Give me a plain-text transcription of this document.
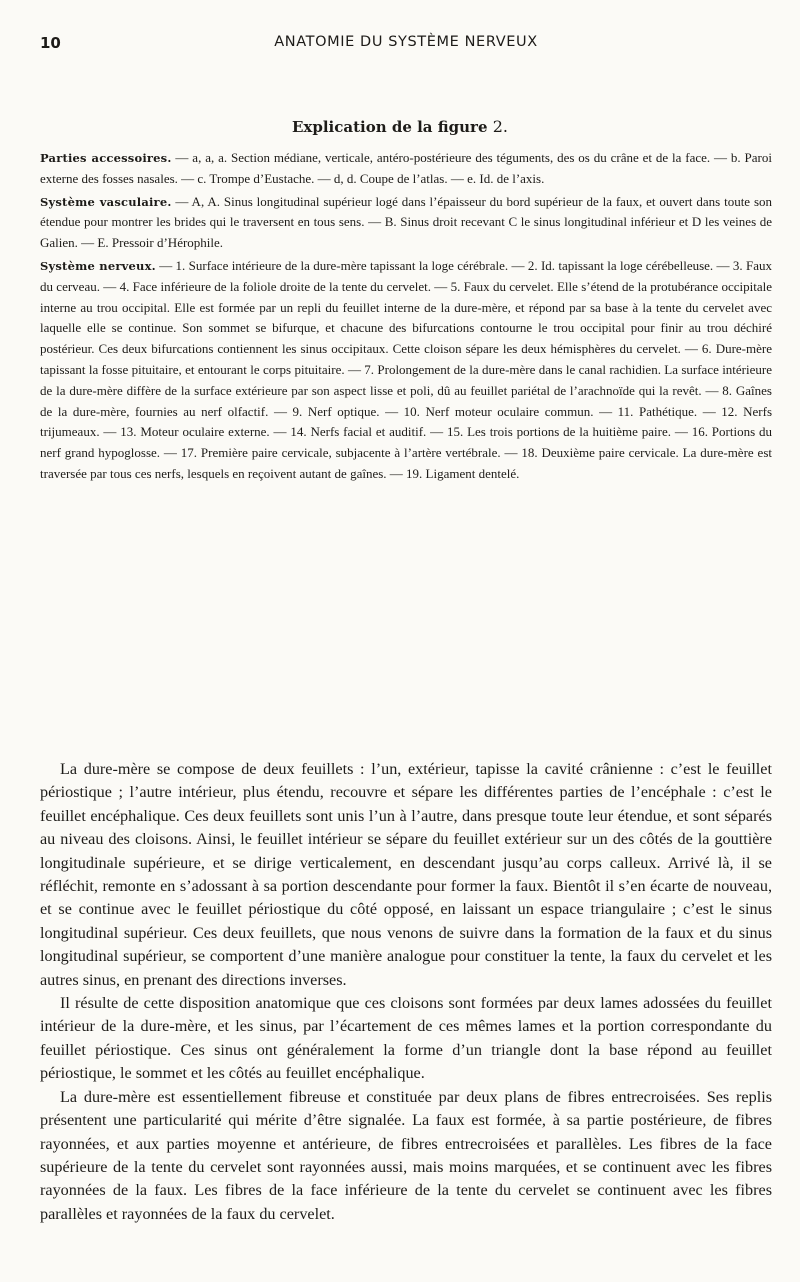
10	ANATOMIE DU SYSTÈME NERVEUX
Explication de la figure 2.

Parties accessoires. — a, a, a. Section médiane, verticale, antéro-postérieure des téguments, des os du crâne et de la face. — b. Paroi externe des fosses nasales. — c. Trompe d’Eustache. — d, d. Coupe de l’atlas. — e. Id. de l’axis.

Système vasculaire. — A, A. Sinus longitudinal supérieur logé dans l’épaisseur du bord supérieur de la faux, et ouvert dans toute son étendue pour montrer les brides qui le traversent en tous sens. — B. Sinus droit recevant C le sinus longitudinal inférieur et D les veines de Galien. — E. Pressoir d’Hérophile.

Système nerveux. — 1. Surface intérieure de la dure-mère tapissant la loge cérébrale. — 2. Id. tapissant la loge cérébelleuse. — 3. Faux du cerveau. — 4. Face inférieure de la foliole droite de la tente du cervelet. — 5. Faux du cervelet. Elle s’étend de la protubérance occipitale interne au trou occipital. Elle est formée par un repli du feuillet interne de la dure-mère, et répond par sa base à la tente du cervelet avec laquelle elle se continue. Son sommet se bifurque, et chacune des bifurcations contourne le trou occipital pour finir au trou déchiré postérieur. Ces deux bifurcations contiennent les sinus occipitaux. Cette cloison sépare les deux hémisphères du cervelet. — 6. Dure-mère tapissant la fosse pituitaire, et entourant le corps pituitaire. — 7. Prolongement de la dure-mère dans le canal rachidien. La surface intérieure de la dure-mère diffère de la surface extérieure par son aspect lisse et poli, dû au feuillet pariétal de l’arachnoïde qui la revêt. — 8. Gaînes de la dure-mère, fournies au nerf olfactif. — 9. Nerf optique. — 10. Nerf moteur oculaire commun. — 11. Pathétique. — 12. Nerfs trijumeaux. — 13. Moteur oculaire externe. — 14. Nerfs facial et auditif. — 15. Les trois portions de la huitième paire. — 16. Portions du nerf grand hypoglosse. — 17. Première paire cervicale, subjacente à l’artère vertébrale. — 18. Deuxième paire cervicale. La dure-mère est traversée par tous ces nerfs, lesquels en reçoivent autant de gaînes. — 19. Ligament dentelé.

La dure-mère se compose de deux feuillets : l’un, extérieur, tapisse la cavité crânienne : c’est le feuillet périostique ; l’autre intérieur, plus étendu, recouvre et sépare les différentes parties de l’encéphale : c’est le feuillet encéphalique. Ces deux feuillets sont unis l’un à l’autre, dans presque toute leur étendue, et sont séparés au niveau des cloisons. Ainsi, le feuillet intérieur se sépare du feuillet extérieur sur un des côtés de la gouttière longitudinale supérieure, et se dirige verticalement, en descendant jusqu’au corps calleux. Arrivé là, il se réfléchit, remonte en s’adossant à sa portion descendante pour former la faux. Bientôt il s’en écarte de nouveau, et se continue avec le feuillet périostique du côté opposé, en laissant un espace triangulaire ; c’est le sinus longitudinal supérieur. Ces deux feuillets, que nous venons de suivre dans la formation de la faux et du sinus longitudinal supérieur, se comportent d’une manière analogue pour constituer la tente, la faux du cervelet et les autres sinus, en prenant des directions inverses.

Il résulte de cette disposition anatomique que ces cloisons sont formées par deux lames adossées du feuillet intérieur de la dure-mère, et les sinus, par l’écartement de ces mêmes lames et la portion correspondante du feuillet périostique. Ces sinus ont généralement la forme d’un triangle dont la base répond au feuillet périostique, le sommet et les côtés au feuillet encéphalique.

La dure-mère est essentiellement fibreuse et constituée par deux plans de fibres entrecroisées. Ses replis présentent une particularité qui mérite d’être signalée. La faux est formée, à sa partie postérieure, de fibres rayonnées, et aux parties moyenne et antérieure, de fibres entrecroisées et parallèles. Les fibres de la face supérieure de la tente du cervelet sont rayonnées aussi, mais moins marquées, et se continuent avec les fibres rayonnées de la faux. Les fibres de la face inférieure de la tente du cervelet se continuent avec les fibres parallèles et rayonnées de la faux du cervelet.
